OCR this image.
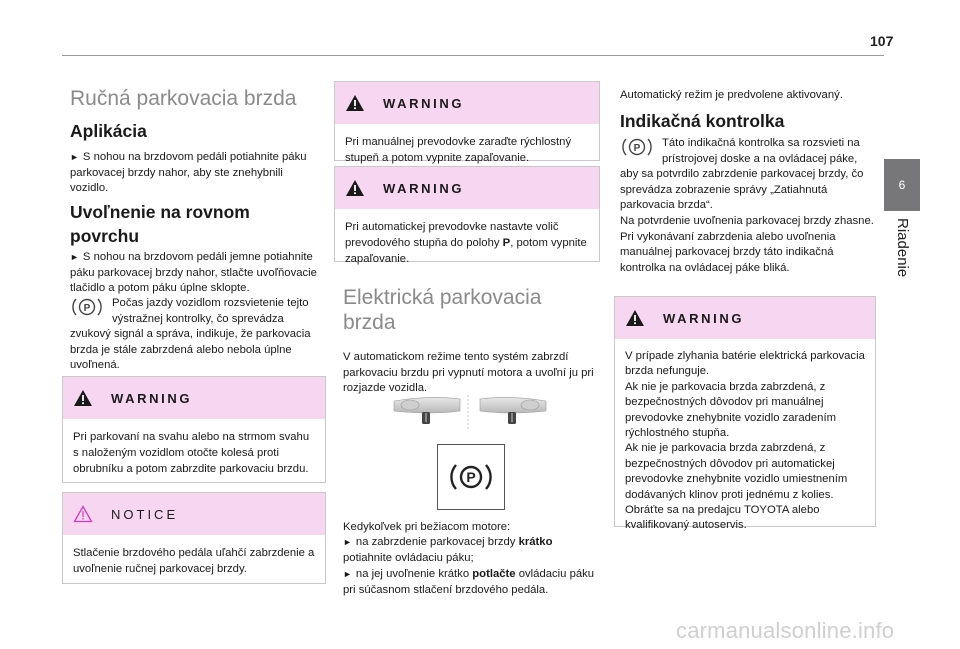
107
6
Riadenie
Ručná parkovacia brzda
Aplikácia
► S nohou na brzdovom pedáli potiahnite páku parkovacej brzdy nahor, aby ste znehybnili vozidlo.
Uvoľnenie na rovnom
povrchu
► S nohou na brzdovom pedáli jemne potiahnite páku parkovacej brzdy nahor, stlačte uvoľňovacie tlačidlo a potom páku úplne sklopte.
P Počas jazdy vozidlom rozsvietenie tejto výstražnej kontrolky, čo sprevádza zvukový signál a správa, indikuje, že parkovacia brzda je stále zabrzdená alebo nebola úplne uvoľnená.
WARNING
Pri parkovaní na svahu alebo na strmom svahu s naloženým vozidlom otočte kolesá proti obrubníku a potom zabrzdite parkovaciu brzdu.
NOTICE
Stlačenie brzdového pedála uľahčí zabrzdenie a uvoľnenie ručnej parkovacej brzdy.
WARNING
Pri manuálnej prevodovke zaraďte rýchlostný stupeň a potom vypnite zapaľovanie.
WARNING
Pri automatickej prevodovke nastavte volič prevodového stupňa do polohy P, potom vypnite zapaľovanie.
Elektrická parkovacia
brzda
V automatickom režime tento systém zabrzdí parkovaciu brzdu pri vypnutí motora a uvoľní ju pri rozjazde vozidla.
P
Kedykoľvek pri bežiacom motore:
► na zabrzdenie parkovacej brzdy krátko potiahnite ovládaciu páku;
► na jej uvoľnenie krátko potlačte ovládaciu páku pri súčasnom stlačení brzdového pedála.
Automatický režim je predvolene aktivovaný.
Indikačná kontrolka
P Táto indikačná kontrolka sa rozsvieti na prístrojovej doske a na ovládacej páke, aby sa potvrdilo zabrzdenie parkovacej brzdy, čo sprevádza zobrazenie správy „Zatiahnutá parkovacia brzda“.
Na potvrdenie uvoľnenia parkovacej brzdy zhasne.
Pri vykonávaní zabrzdenia alebo uvoľnenia manuálnej parkovacej brzdy táto indikačná kontrolka na ovládacej páke bliká.
WARNING
V prípade zlyhania batérie elektrická parkovacia brzda nefunguje.
Ak nie je parkovacia brzda zabrzdená, z bezpečnostných dôvodov pri manuálnej prevodovke znehybnite vozidlo zaradením rýchlostného stupňa.
Ak nie je parkovacia brzda zabrzdená, z bezpečnostných dôvodov pri automatickej prevodovke znehybnite vozidlo umiestnením dodávaných klinov proti jednému z kolies.
Obráťte sa na predajcu TOYOTA alebo kvalifikovaný autoservis.
carmanualsonline.info
